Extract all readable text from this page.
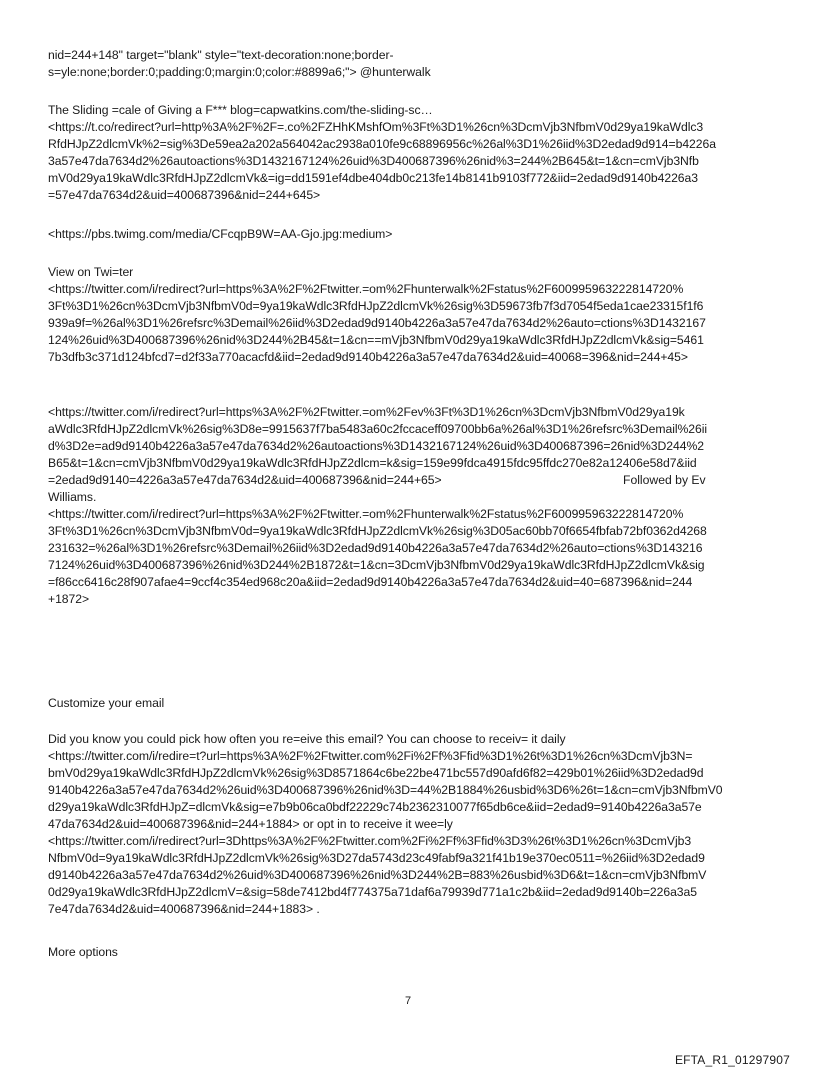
nid=244+148" target="blank" style="text-decoration:none;border-
s=yle:none;border:0;padding:0;margin:0;color:#8899a6;"> @hunterwalk
The Sliding =cale of Giving a F*** blog=capwatkins.com/the-sliding-sc…
<https://t.co/redirect?url=http%3A%2F%2F=.co%2FZHhKMshfOm%3Ft%3D1%26cn%3DcmVjb3NfbmV0d29ya19kaWdlc3
RfdHJpZ2dlcmVk%2=sig%3De59ea2a202a564042ac2938a010fe9c68896956c%26al%3D1%26iid%3D2edad9d914=b4226a
3a57e47da7634d2%26autoactions%3D1432167124%26uid%3D400687396%26nid%3=244%2B645&t=1&cn=cmVjb3Nfb
mV0d29ya19kaWdlc3RfdHJpZ2dlcmVk&=ig=dd1591ef4dbe404db0c213fe14b8141b9103f772&iid=2edad9d9140b4226a3
=57e47da7634d2&uid=400687396&nid=244+645>
<https://pbs.twimg.com/media/CFcqpB9W=AA-Gjo.jpg:medium>
View on Twi=ter
<https://twitter.com/i/redirect?url=https%3A%2F%2Ftwitter.=om%2Fhunterwalk%2Fstatus%2F600995963222814720%
3Ft%3D1%26cn%3DcmVjb3NfbmV0d=9ya19kaWdlc3RfdHJpZ2dlcmVk%26sig%3D59673fb7f3d7054f5eda1cae23315f1f6
939a9f=%26al%3D1%26refsrc%3Demail%26iid%3D2edad9d9140b4226a3a57e47da7634d2%26auto=ctions%3D1432167
124%26uid%3D400687396%26nid%3D244%2B45&t=1&cn==mVjb3NfbmV0d29ya19kaWdlc3RfdHJpZ2dlcmVk&sig=5461
7b3dfb3c371d124bfcd7=d2f33a770acacfd&iid=2edad9d9140b4226a3a57e47da7634d2&uid=40068=396&nid=244+45>
<https://twitter.com/i/redirect?url=https%3A%2F%2Ftwitter.=om%2Fev%3Ft%3D1%26cn%3DcmVjb3NfbmV0d29ya19k
aWdlc3RfdHJpZ2dlcmVk%26sig%3D8e=9915637f7ba5483a60c2fccaceff09700bb6a%26al%3D1%26refsrc%3Demail%26ii
d%3D2e=ad9d9140b4226a3a57e47da7634d2%26autoactions%3D1432167124%26uid%3D400687396=26nid%3D244%2
B65&t=1&cn=cmVjb3NfbmV0d29ya19kaWdlc3RfdHJpZ2dlcm=k&sig=159e99fdca4915fdc95ffdc270e82a12406e58d7&iid
=2edad9d9140=4226a3a57e47da7634d2&uid=400687396&nid=244+65>	Followed by Ev
Williams.
<https://twitter.com/i/redirect?url=https%3A%2F%2Ftwitter.=om%2Fhunterwalk%2Fstatus%2F600995963222814720%
3Ft%3D1%26cn%3DcmVjb3NfbmV0d=9ya19kaWdlc3RfdHJpZ2dlcmVk%26sig%3D05ac60bb70f6654fbfab72bf0362d4268
231632=%26al%3D1%26refsrc%3Demail%26iid%3D2edad9d9140b4226a3a57e47da7634d2%26auto=ctions%3D143216
7124%26uid%3D400687396%26nid%3D244%2B1872&t=1&cn=3DcmVjb3NfbmV0d29ya19kaWdlc3RfdHJpZ2dlcmVk&sig
=f86cc6416c28f907afae4=9ccf4c354ed968c20a&iid=2edad9d9140b4226a3a57e47da7634d2&uid=40=687396&nid=244
+1872>
Customize your email
Did you know you could pick how often you re=eive this email? You can choose to receiv= it daily
<https://twitter.com/i/redire=t?url=https%3A%2F%2Ftwitter.com%2Fi%2Ff%3Ffid%3D1%26t%3D1%26cn%3DcmVjb3N=
bmV0d29ya19kaWdlc3RfdHJpZ2dlcmVk%26sig%3D8571864c6be22be471bc557d90afd6f82=429b01%26iid%3D2edad9d
9140b4226a3a57e47da7634d2%26uid%3D400687396%26nid%3D=44%2B1884%26usbid%3D6%26t=1&cn=cmVjb3NfbmV0
d29ya19kaWdlc3RfdHJpZ=dlcmVk&sig=e7b9b06ca0bdf22229c74b2362310077f65db6ce&iid=2edad9=9140b4226a3a57e
47da7634d2&uid=400687396&nid=244+1884> or opt in to receive it wee=ly
<https://twitter.com/i/redirect?url=3Dhttps%3A%2F%2Ftwitter.com%2Fi%2Ff%3Ffid%3D3%26t%3D1%26cn%3DcmVjb3
NfbmV0d=9ya19kaWdlc3RfdHJpZ2dlcmVk%26sig%3D27da5743d23c49fabf9a321f41b19e370ec0511=%26iid%3D2edad9
d9140b4226a3a57e47da7634d2%26uid%3D400687396%26nid%3D244%2B=883%26usbid%3D6&t=1&cn=cmVjb3NfbmV
0d29ya19kaWdlc3RfdHJpZ2dlcmV=&sig=58de7412bd4f774375a71daf6a79939d771a1c2b&iid=2edad9d9140b=226a3a5
7e47da7634d2&uid=400687396&nid=244+1883> .
More options
7
EFTA_R1_01297907
